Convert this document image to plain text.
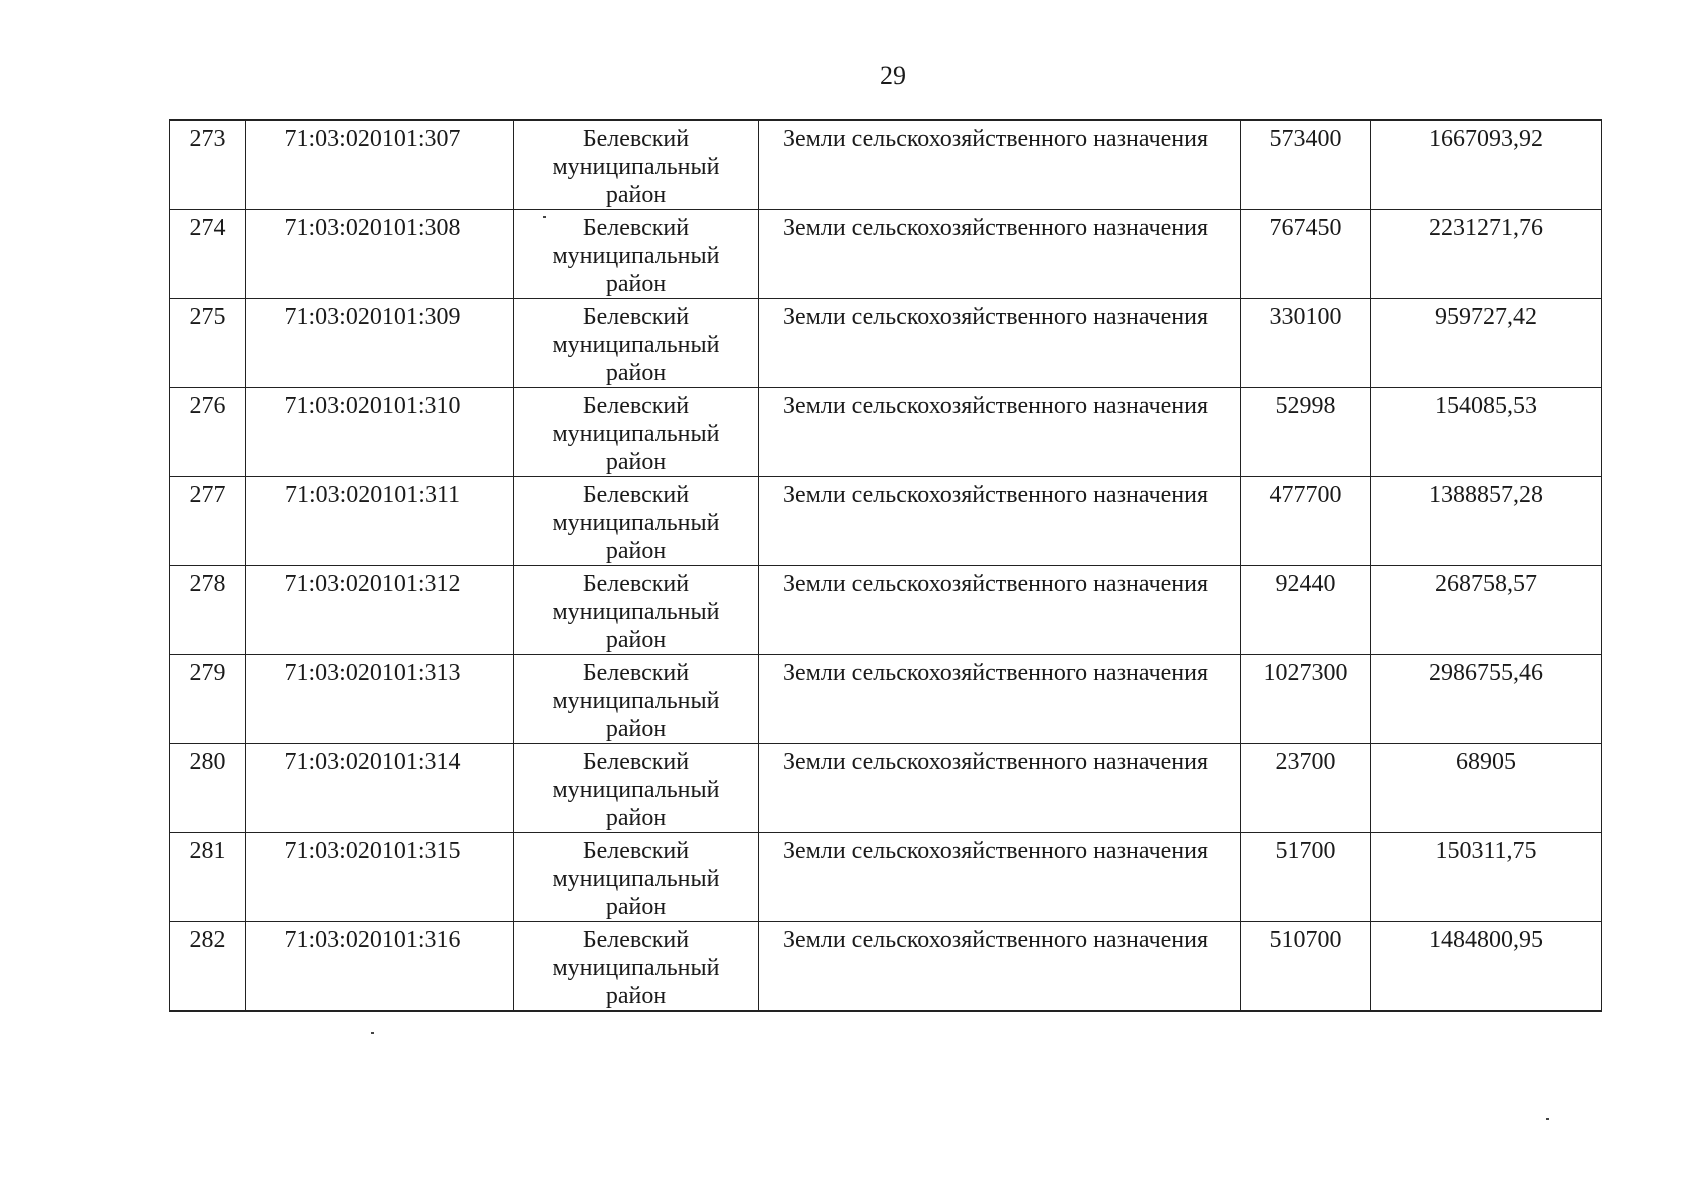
29
273	71:03:020101:307	Белевский муниципальный район	Земли сельскохозяйственного назначения	573400	1667093,92
274	71:03:020101:308	Белевский муниципальный район	Земли сельскохозяйственного назначения	767450	2231271,76
275	71:03:020101:309	Белевский муниципальный район	Земли сельскохозяйственного назначения	330100	959727,42
276	71:03:020101:310	Белевский муниципальный район	Земли сельскохозяйственного назначения	52998	154085,53
277	71:03:020101:311	Белевский муниципальный район	Земли сельскохозяйственного назначения	477700	1388857,28
278	71:03:020101:312	Белевский муниципальный район	Земли сельскохозяйственного назначения	92440	268758,57
279	71:03:020101:313	Белевский муниципальный район	Земли сельскохозяйственного назначения	1027300	2986755,46
280	71:03:020101:314	Белевский муниципальный район	Земли сельскохозяйственного назначения	23700	68905
281	71:03:020101:315	Белевский муниципальный район	Земли сельскохозяйственного назначения	51700	150311,75
282	71:03:020101:316	Белевский муниципальный район	Земли сельскохозяйственного назначения	510700	1484800,95
